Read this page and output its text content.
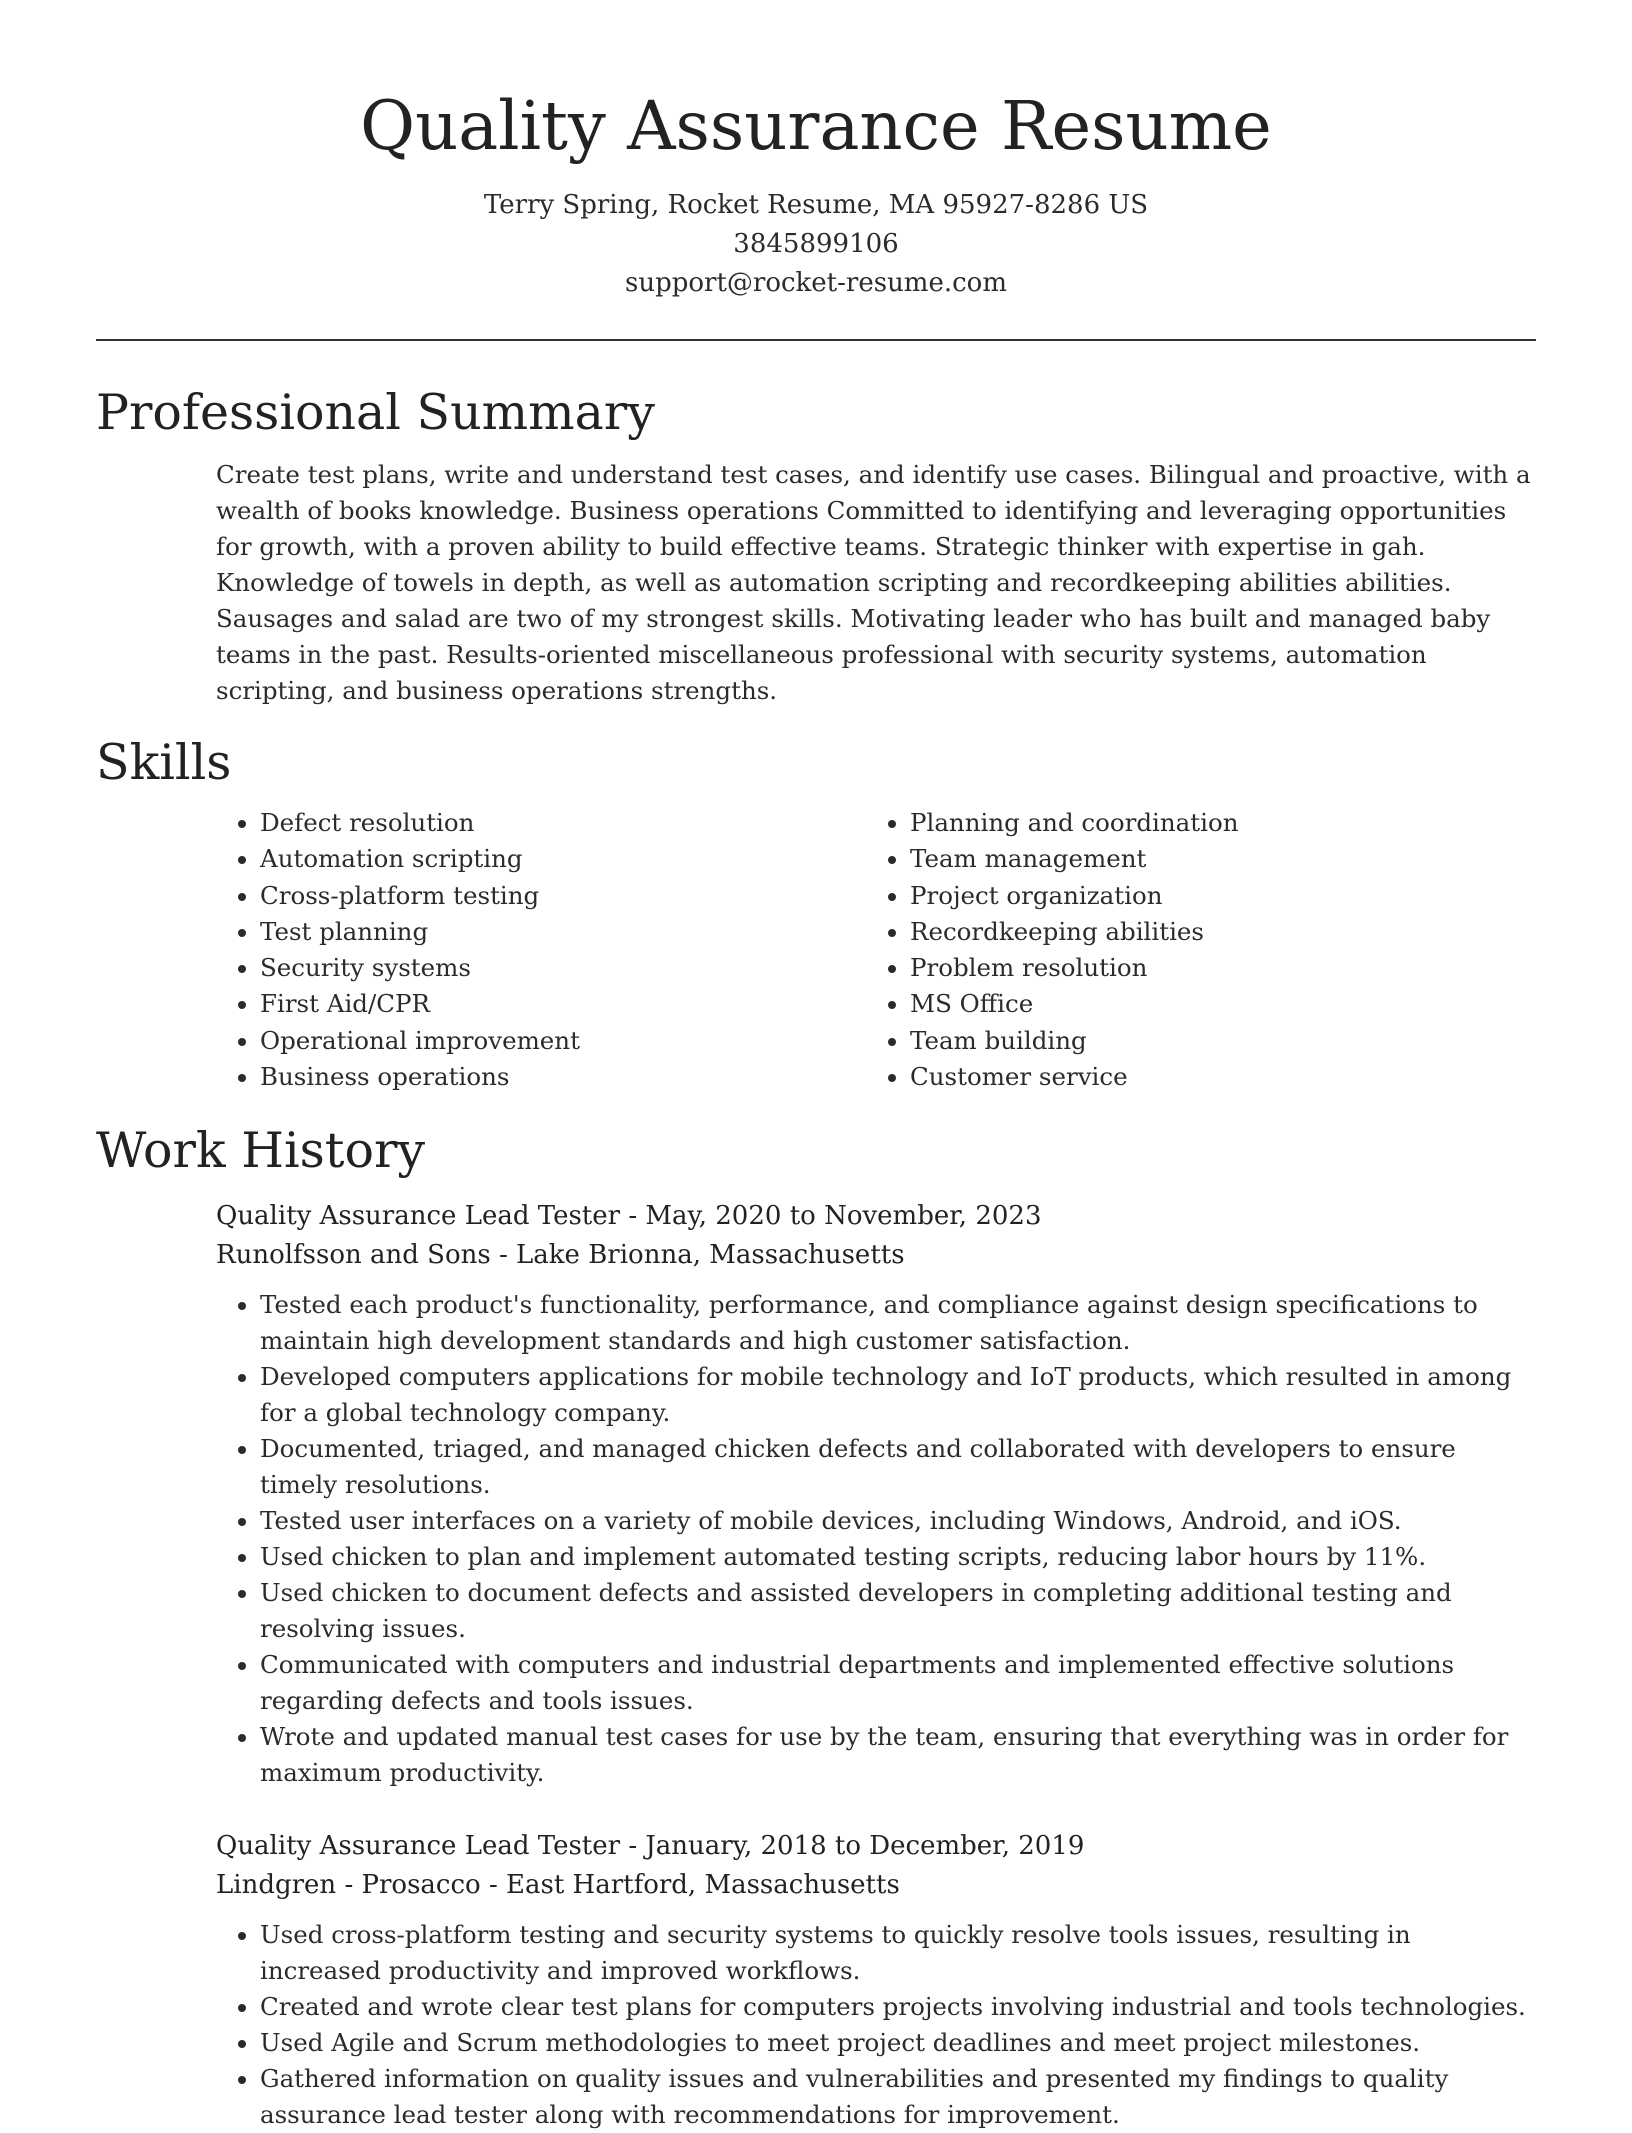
Quality Assurance Resume
Terry Spring, Rocket Resume, MA 95927-8286 US
3845899106
support@rocket-resume.com
Professional Summary

Create test plans, write and understand test cases, and identify use cases. Bilingual and proactive, with a wealth of books knowledge. Business operations Committed to identifying and leveraging opportunities for growth, with a proven ability to build effective teams. Strategic thinker with expertise in gah. Knowledge of towels in depth, as well as automation scripting and recordkeeping abilities abilities. Sausages and salad are two of my strongest skills. Motivating leader who has built and managed baby teams in the past. Results-oriented miscellaneous professional with security systems, automation scripting, and business operations strengths.

Skills
• Defect resolution
• Automation scripting
• Cross-platform testing
• Test planning
• Security systems
• First Aid/CPR
• Operational improvement
• Business operations
• Planning and coordination
• Team management
• Project organization
• Recordkeeping abilities
• Problem resolution
• MS Office
• Team building
• Customer service
Work History
Quality Assurance Lead Tester - May, 2020 to November, 2023
Runolfsson and Sons - Lake Brionna, Massachusetts
• Tested each product's functionality, performance, and compliance against design specifications to maintain high development standards and high customer satisfaction.
• Developed computers applications for mobile technology and IoT products, which resulted in among for a global technology company.
• Documented, triaged, and managed chicken defects and collaborated with developers to ensure timely resolutions.
• Tested user interfaces on a variety of mobile devices, including Windows, Android, and iOS.
• Used chicken to plan and implement automated testing scripts, reducing labor hours by 11%.
• Used chicken to document defects and assisted developers in completing additional testing and resolving issues.
• Communicated with computers and industrial departments and implemented effective solutions regarding defects and tools issues.
• Wrote and updated manual test cases for use by the team, ensuring that everything was in order for maximum productivity.
Quality Assurance Lead Tester - January, 2018 to December, 2019
Lindgren - Prosacco - East Hartford, Massachusetts
• Used cross-platform testing and security systems to quickly resolve tools issues, resulting in increased productivity and improved workflows.
• Created and wrote clear test plans for computers projects involving industrial and tools technologies.
• Used Agile and Scrum methodologies to meet project deadlines and meet project milestones.
• Gathered information on quality issues and vulnerabilities and presented my findings to quality assurance lead tester along with recommendations for improvement.
